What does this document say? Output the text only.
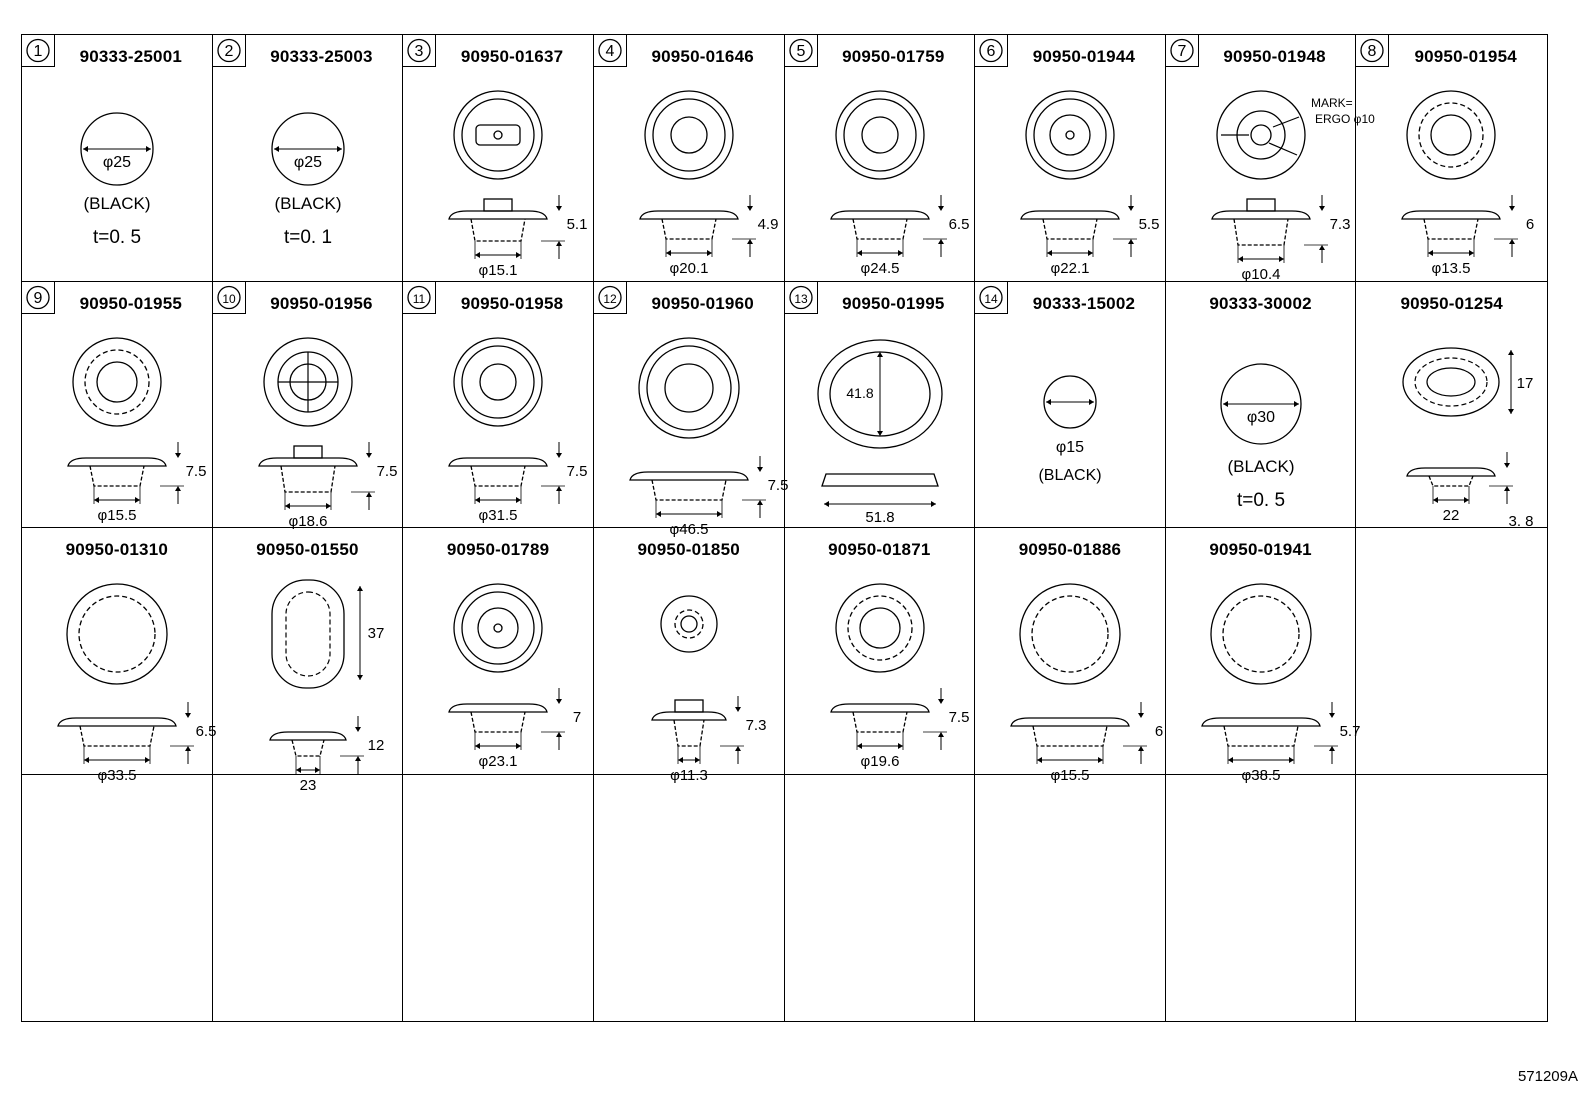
1	90333-25001
φ25
(BLACK)
t=0. 5
2	90333-25003
φ25
(BLACK)
t=0. 1
3	90950-01637
5.1
φ15.1
4	90950-01646
4.9
φ20.1
5	90950-01759
6.5
φ24.5
6	90950-01944
5.5
φ22.1
7	90950-01948
MARK=
ERGO φ10
7.3
φ10.4
8	90950-01954
6
φ13.5
9	90950-01955
7.5
φ15.5
10	90950-01956
7.5
φ18.6
11	90950-01958
7.5
φ31.5
12	90950-01960
7.5
φ46.5
13	90950-01995
41.8
51.8
14	90333-15002
φ15
(BLACK)
90333-30002
φ30
(BLACK)
t=0. 5
90950-01254
17
22	3. 8
90950-01310
6.5
φ33.5
90950-01550
37
12
23
90950-01789
7
φ23.1
90950-01850
7.3
φ11.3
90950-01871
7.5
φ19.6
90950-01886
6
φ15.5
90950-01941
5.7
φ38.5
571209A
